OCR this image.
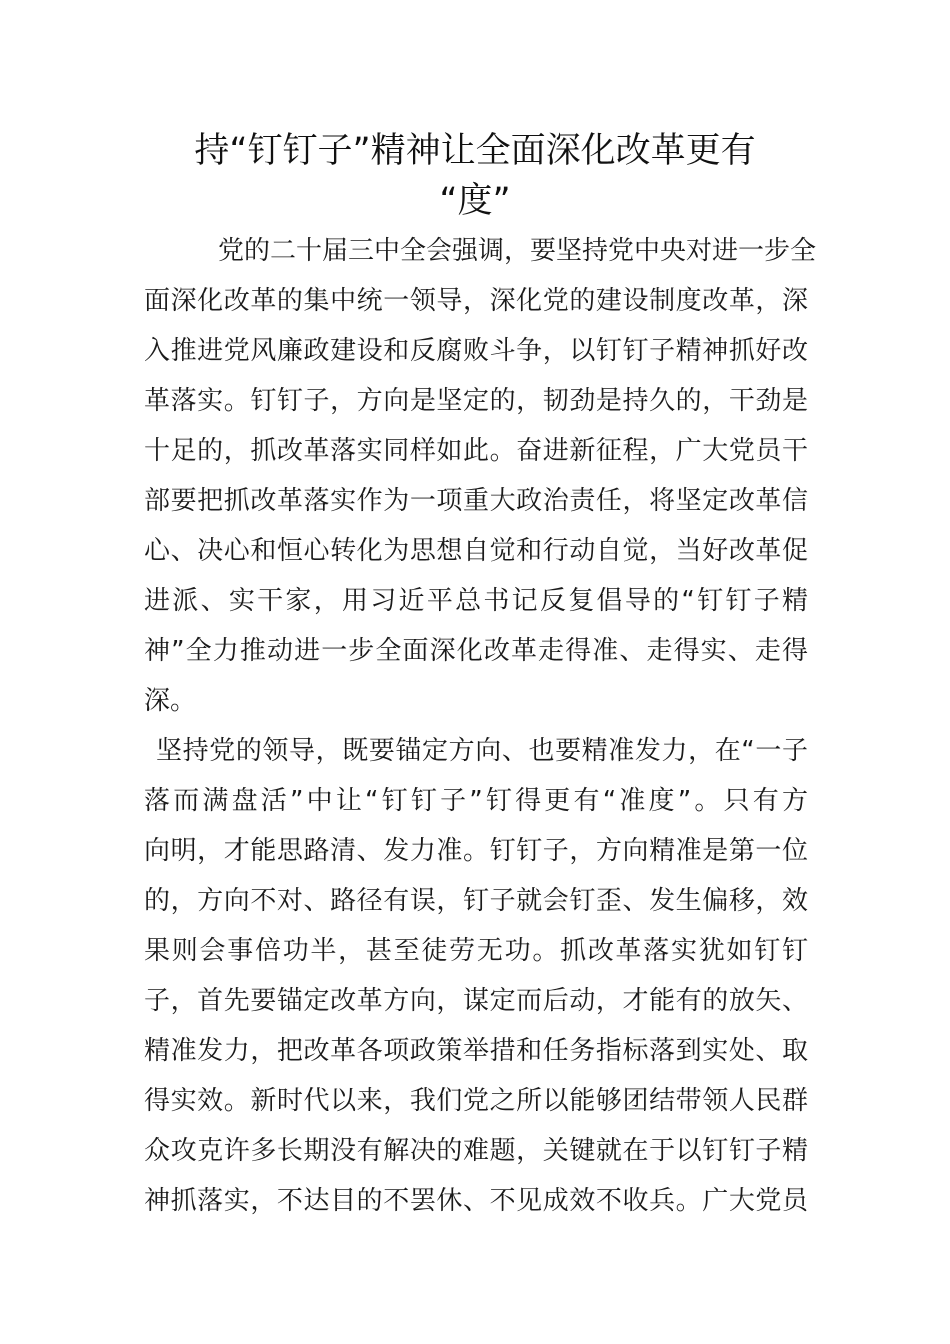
持“钉钉子”精神让全面深化改革更有
“度”
党的二十届三中全会强调，要坚持党中央对进一步全
面深化改革的集中统一领导，深化党的建设制度改革，深
入推进党风廉政建设和反腐败斗争，以钉钉子精神抓好改
革落实。钉钉子，方向是坚定的，韧劲是持久的，干劲是
十足的，抓改革落实同样如此。奋进新征程，广大党员干
部要把抓改革落实作为一项重大政治责任，将坚定改革信
心、决心和恒心转化为思想自觉和行动自觉，当好改革促
进派、实干家，用习近平总书记反复倡导的“钉钉子精
神”全力推动进一步全面深化改革走得准、走得实、走得
深。
坚持党的领导，既要锚定方向、也要精准发力，在“一子
落而满盘活”中让“钉钉子”钉得更有“准度”。只有方
向明，才能思路清、发力准。钉钉子，方向精准是第一位
的，方向不对、路径有误，钉子就会钉歪、发生偏移，效
果则会事倍功半，甚至徒劳无功。抓改革落实犹如钉钉
子，首先要锚定改革方向，谋定而后动，才能有的放矢、
精准发力，把改革各项政策举措和任务指标落到实处、取
得实效。新时代以来，我们党之所以能够团结带领人民群
众攻克许多长期没有解决的难题，关键就在于以钉钉子精
神抓落实，不达目的不罢休、不见成效不收兵。广大党员
